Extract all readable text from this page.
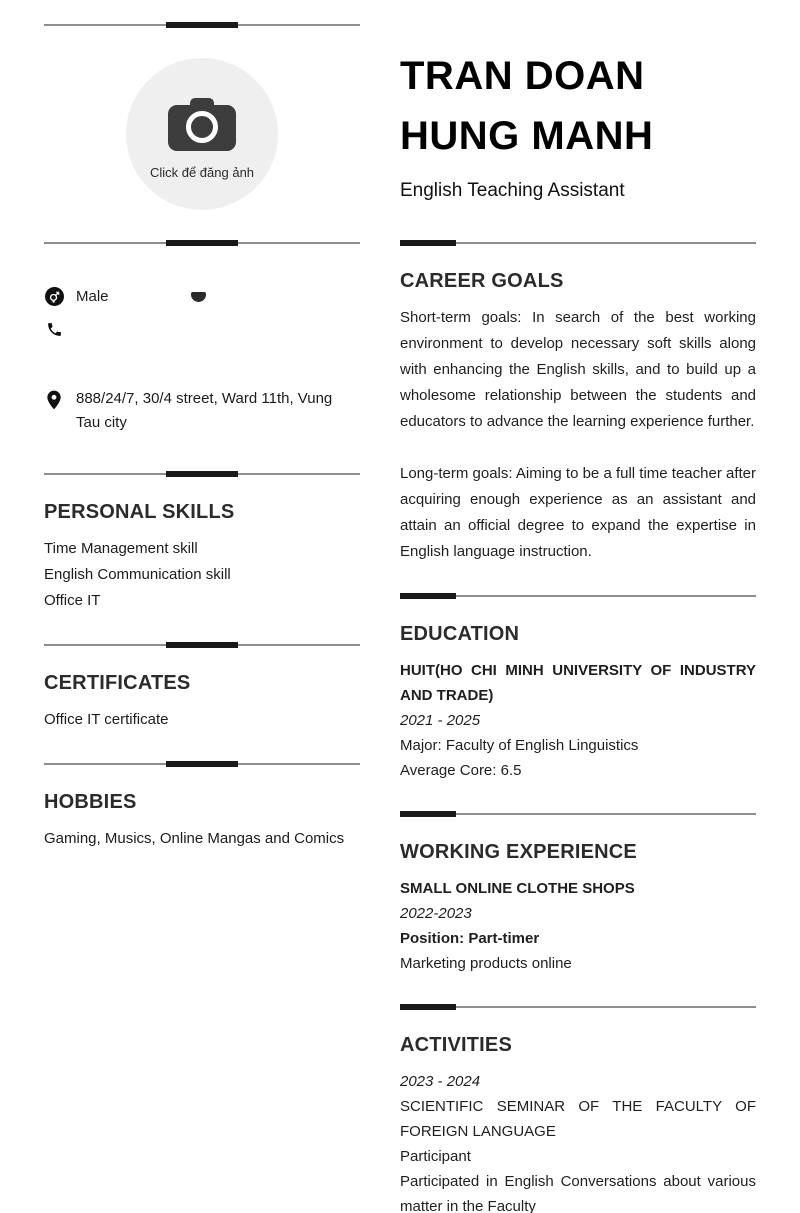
Click để đăng ảnh
Male
888/24/7, 30/4 street, Ward 11th, Vung Tau city
PERSONAL SKILLS
Time Management skill
English Communication skill
Office IT
CERTIFICATES
Office IT certificate
HOBBIES
Gaming, Musics, Online Mangas and Comics
TRAN DOAN
HUNG MANH
English Teaching Assistant
CAREER GOALS

Short-term goals: In search of the best working environment to develop necessary soft skills along with enhancing the English skills, and to build up a wholesome relationship between the students and educators to advance the learning experience further.

Long-term goals: Aiming to be a full time teacher after acquiring enough experience as an assistant and attain an official degree to expand the expertise in English language instruction.

EDUCATION
HUIT(HO CHI MINH UNIVERSITY OF INDUSTRY AND TRADE)
2021 - 2025
Major: Faculty of English Linguistics
Average Core: 6.5
WORKING EXPERIENCE
SMALL ONLINE CLOTHE SHOPS
2022-2023
Position: Part-timer
Marketing products online
ACTIVITIES
2023 - 2024
SCIENTIFIC SEMINAR OF THE FACULTY OF FOREIGN LANGUAGE
Participant
Participated in English Conversations about various matter in the Faculty
